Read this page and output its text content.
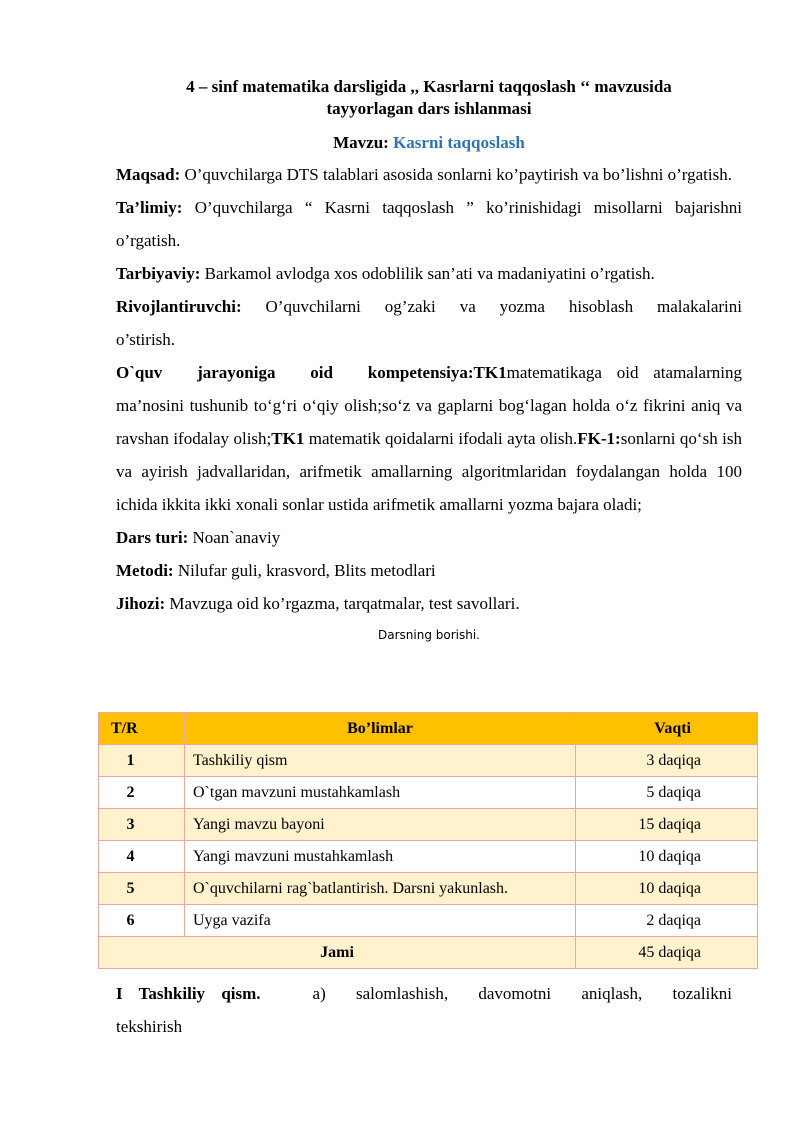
4 – sinf matematika darsligida ,, Kasrlarni taqqoslash ‘‘ mavzusida
tayyorlagan dars ishlanmasi

Mavzu: Kasrni taqqoslash

Maqsad: O’quvchilarga DTS talablari asosida sonlarni ko’paytirish va bo’lishni o’rgatish.

Ta’limiy: O’quvchilarga “ Kasrni taqqoslash ” ko’rinishidagi misollarni bajarishni o’rgatish.

Tarbiyaviy: Barkamol avlodga xos odoblilik san’ati va madaniyatini o’rgatish.

Rivojlantiruvchi: O’quvchilarni og’zaki va yozma hisoblash malakalarini o’stirish.

O`quv jarayoniga oid kompetensiya:TK1matematikaga oid atamalarning ma’nosini tushunib to‘g‘ri o‘qiy olish;so‘z va gaplarni bog‘lagan holda o‘z fikrini aniq va ravshan ifodalay olish;TK1 matematik qoidalarni ifodali ayta olish.FK-1:sonlarni qo‘sh ish va ayirish jadvallaridan, arifmetik amallarning algoritmlaridan foydalangan holda 100 ichida ikkita ikki xonali sonlar ustida arifmetik amallarni yozma bajara oladi;

Dars turi: Noan`anaviy

Metodi: Nilufar guli, krasvord, Blits metodlari

Jihozi: Mavzuga oid ko’rgazma, tarqatmalar, test savollari.

Darsning borishi.
T/R	Bo’limlar	Vaqti
1	Tashkiliy qism	3 daqiqa
2	O`tgan mavzuni mustahkamlash	5 daqiqa
3	Yangi mavzu bayoni	15 daqiqa
4	Yangi mavzuni mustahkamlash	10 daqiqa
5	O`quvchilarni rag`batlantirish. Darsni yakunlash.	10 daqiqa
6	Uyga vazifa	2 daqiqa
Jami		45 daqiqa

I Tashkiliy qism.	a) salomlashish, davomotni aniqlash, tozalikni tekshirish
